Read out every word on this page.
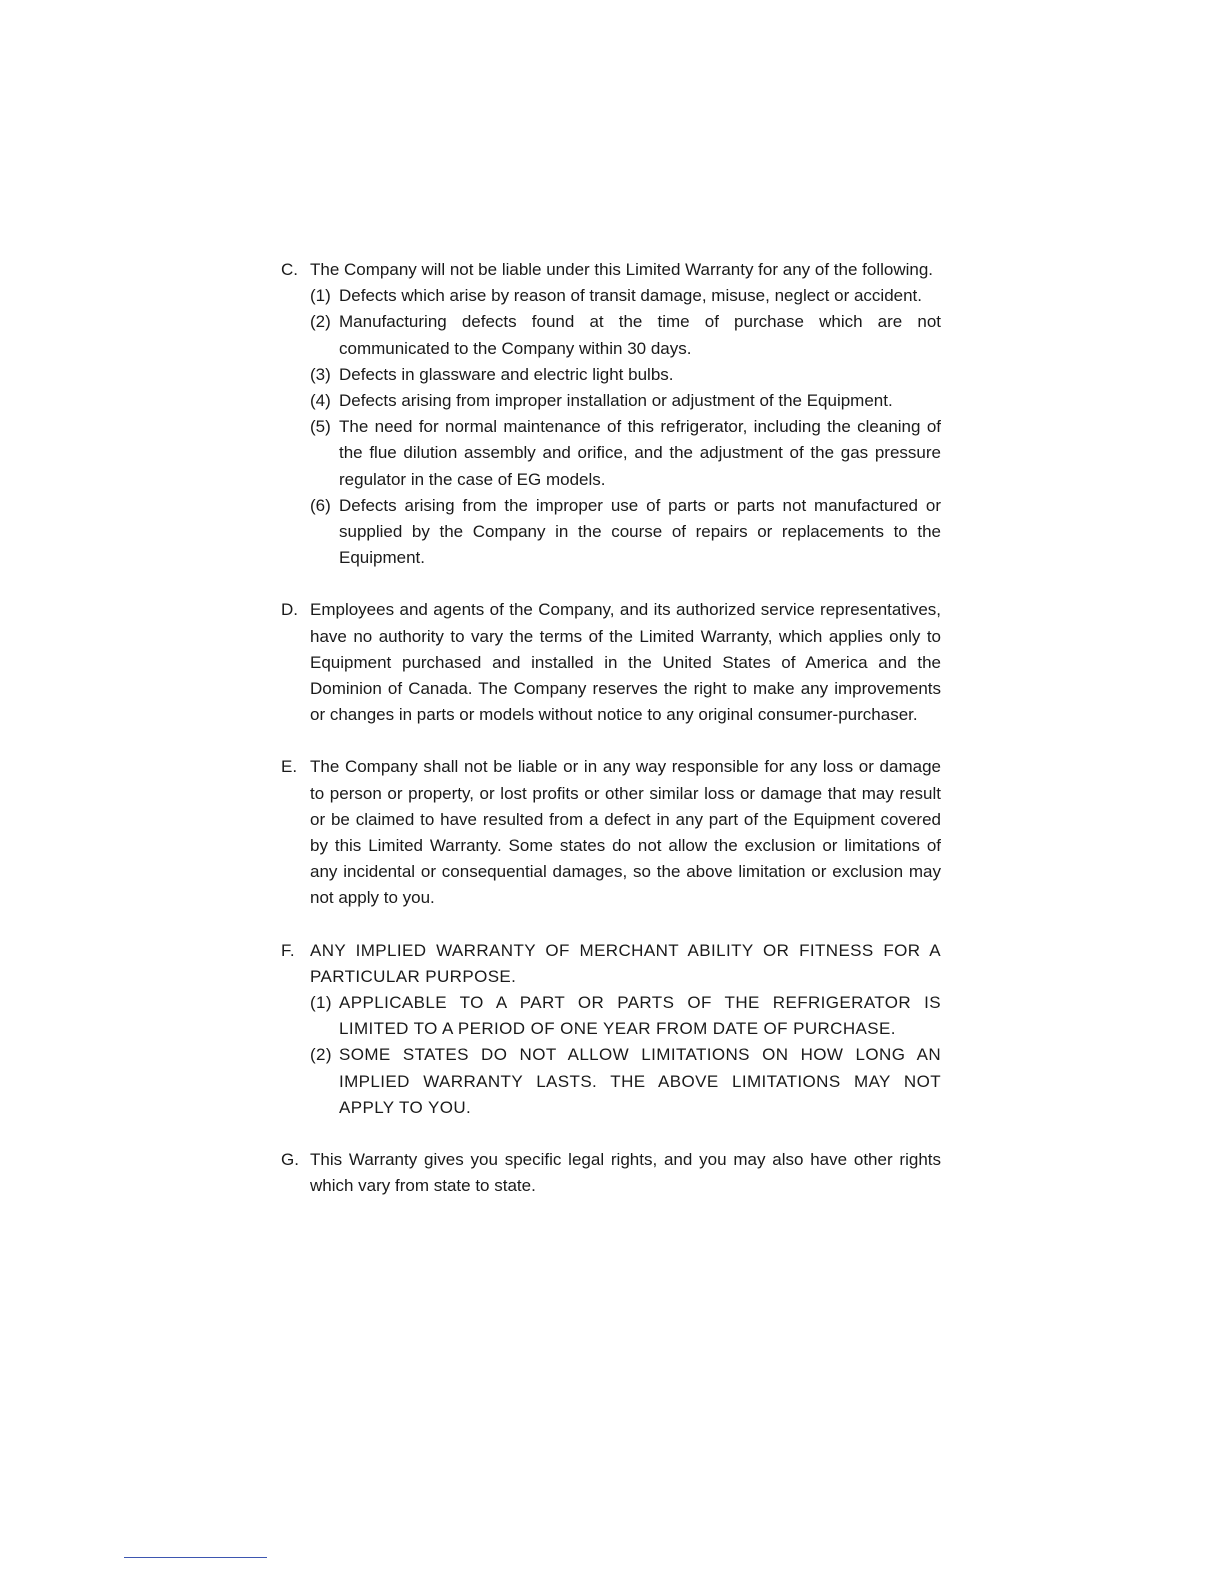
C. The Company will not be liable under this Limited Warranty for any of the following.
(1) Defects which arise by reason of transit damage, misuse, neglect or accident.
(2) Manufacturing defects found at the time of purchase which are not communicated to the Company within 30 days.
(3) Defects in glassware and electric light bulbs.
(4) Defects arising from improper installation or adjustment of the Equipment.
(5) The need for normal maintenance of this refrigerator, including the cleaning of the flue dilution assembly and orifice, and the adjustment of the gas pressure regulator in the case of EG models.
(6) Defects arising from the improper use of parts or parts not manufactured or supplied by the Company in the course of repairs or replacements to the Equipment.
D. Employees and agents of the Company, and its authorized service representatives, have no authority to vary the terms of the Limited Warranty, which applies only to Equipment purchased and installed in the United States of America and the Dominion of Canada. The Company reserves the right to make any improvements or changes in parts or models without notice to any original consumer-purchaser.
E. The Company shall not be liable or in any way responsible for any loss or damage to person or property, or lost profits or other similar loss or damage that may result or be claimed to have resulted from a defect in any part of the Equipment covered by this Limited Warranty. Some states do not allow the exclusion or limitations of any incidental or consequential damages, so the above limitation or exclusion may not apply to you.
F. ANY IMPLIED WARRANTY OF MERCHANT ABILITY OR FITNESS FOR A PARTICULAR PURPOSE.
(1) APPLICABLE TO A PART OR PARTS OF THE REFRIGERATOR IS LIMITED TO A PERIOD OF ONE YEAR FROM DATE OF PURCHASE.
(2) SOME STATES DO NOT ALLOW LIMITATIONS ON HOW LONG AN IMPLIED WARRANTY LASTS. THE ABOVE LIMITATIONS MAY NOT APPLY TO YOU.
G. This Warranty gives you specific legal rights, and you may also have other rights which vary from state to state.
